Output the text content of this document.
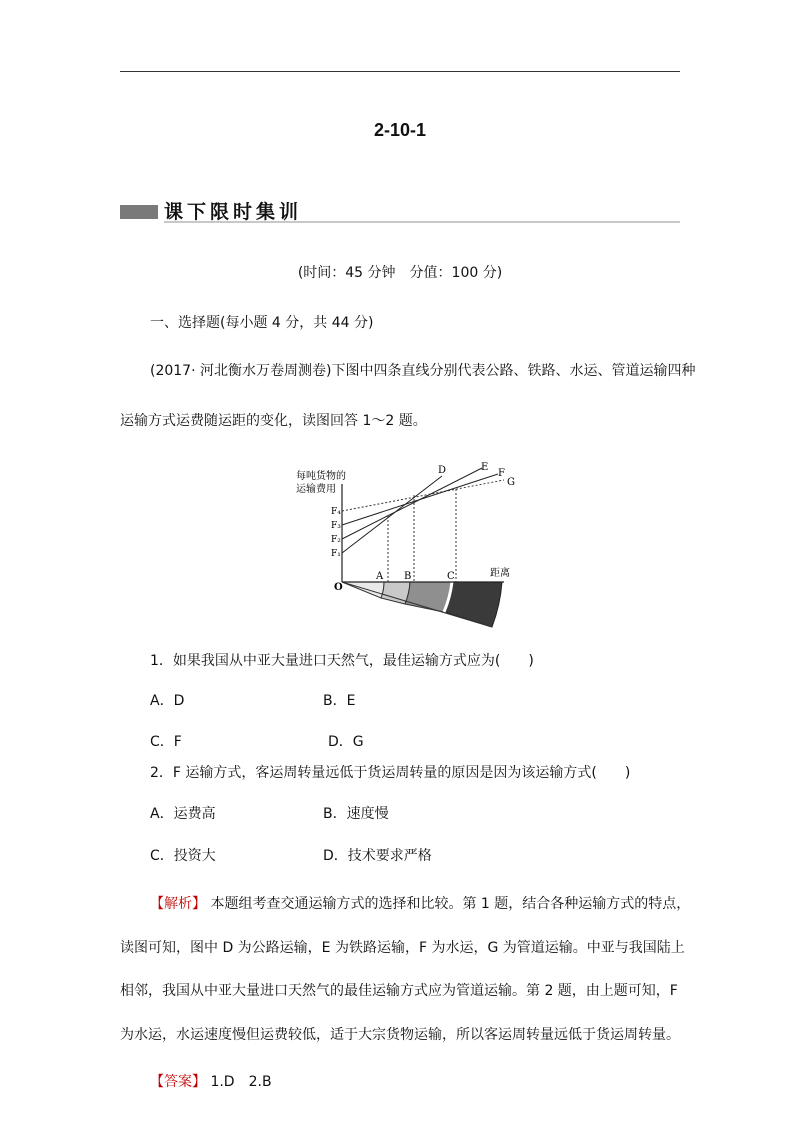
2-10-1
课下限时集训
(时间：45 分钟　分值：100 分)
一、选择题(每小题 4 分，共 44 分)
(2017· 河北衡水万卷周测卷)下图中四条直线分别代表公路、铁路、水运、管道运输四种
运输方式运费随运距的变化，读图回答 1～2 题。
每吨货物的
运输费用
F₁
F₂
F₃
F₄
O
A B	C	距离
D	E
F
G
1．如果我国从中亚大量进口天然气，最佳运输方式应为(　　)
A．D	B．E
C．F	D．G
2．F 运输方式，客运周转量远低于货运周转量的原因是因为该运输方式(　　)
A．运费高	B．速度慢
C．投资大	D．技术要求严格
【解析】 本题组考查交通运输方式的选择和比较。第 1 题，结合各种运输方式的特点，
读图可知，图中 D 为公路运输，E 为铁路运输，F 为水运，G 为管道运输。中亚与我国陆上
相邻，我国从中亚大量进口天然气的最佳运输方式应为管道运输。第 2 题，由上题可知，F
为水运，水运速度慢但运费较低，适于大宗货物运输，所以客运周转量远低于货运周转量。
【答案】 1.D　2.B
